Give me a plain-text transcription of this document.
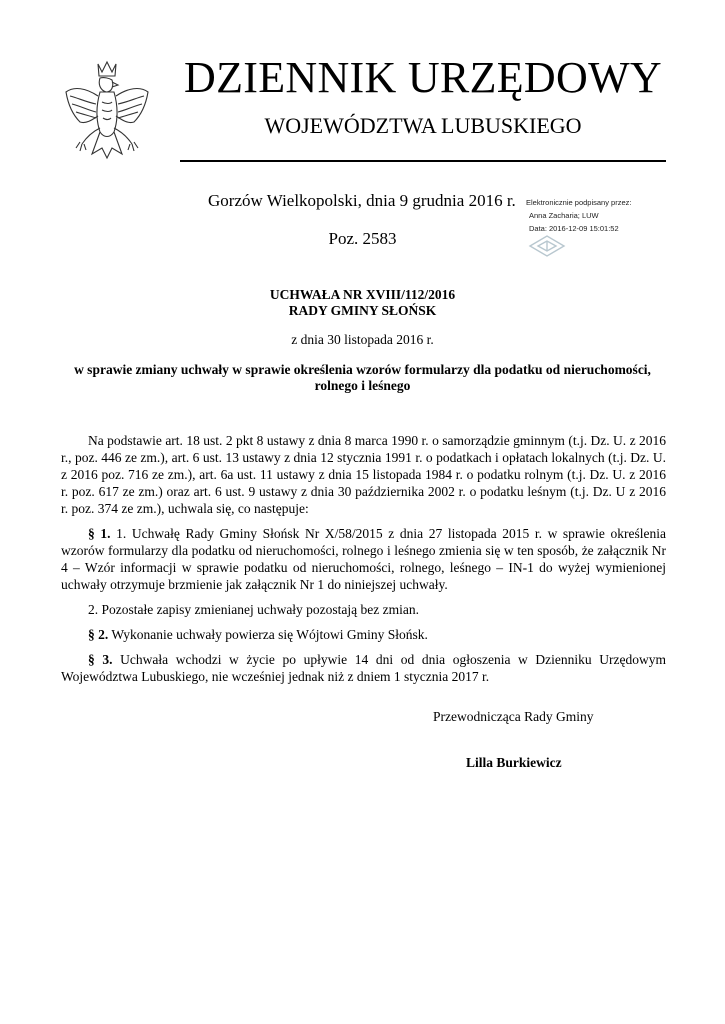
DZIENNIK URZĘDOWY
WOJEWÓDZTWA LUBUSKIEGO
Gorzów Wielkopolski, dnia 9 grudnia 2016 r.
Poz. 2583
Elektronicznie podpisany przez:
Anna Zacharia; LUW
Data: 2016-12-09 15:01:52
UCHWAŁA NR XVIII/112/2016
RADY GMINY SŁOŃSK
z dnia 30 listopada 2016 r.
w sprawie zmiany uchwały w sprawie określenia wzorów formularzy dla podatku od nieruchomości,
rolnego i leśnego

Na podstawie art. 18 ust. 2 pkt 8 ustawy z dnia 8 marca 1990 r. o samorządzie gminnym (t.j. Dz. U. z 2016 r., poz. 446 ze zm.), art. 6 ust. 13 ustawy z dnia 12 stycznia 1991 r. o podatkach i opłatach lokalnych (t.j. Dz. U. z 2016 poz. 716 ze zm.), art. 6a ust. 11 ustawy z dnia 15 listopada 1984 r. o podatku rolnym (t.j. Dz. U. z 2016 r. poz. 617 ze zm.) oraz art. 6 ust. 9 ustawy z dnia 30 października 2002 r. o podatku leśnym (t.j. Dz. U z 2016 r. poz. 374 ze zm.), uchwala się, co następuje:

§ 1. 1. Uchwałę Rady Gminy Słońsk Nr X/58/2015 z dnia 27 listopada 2015 r. w sprawie określenia wzorów formularzy dla podatku od nieruchomości, rolnego i leśnego zmienia się w ten sposób, że załącznik Nr 4 – Wzór informacji w sprawie podatku od nieruchomości, rolnego, leśnego – IN-1 do wyżej wymienionej uchwały otrzymuje brzmienie jak załącznik Nr 1 do niniejszej uchwały.

2. Pozostałe zapisy zmienianej uchwały pozostają bez zmian.

§ 2. Wykonanie uchwały powierza się Wójtowi Gminy Słońsk.

§ 3. Uchwała wchodzi w życie po upływie 14 dni od dnia ogłoszenia w Dzienniku Urzędowym Województwa Lubuskiego, nie wcześniej jednak niż z dniem 1 stycznia 2017 r.

Przewodnicząca Rady Gminy
Lilla Burkiewicz
